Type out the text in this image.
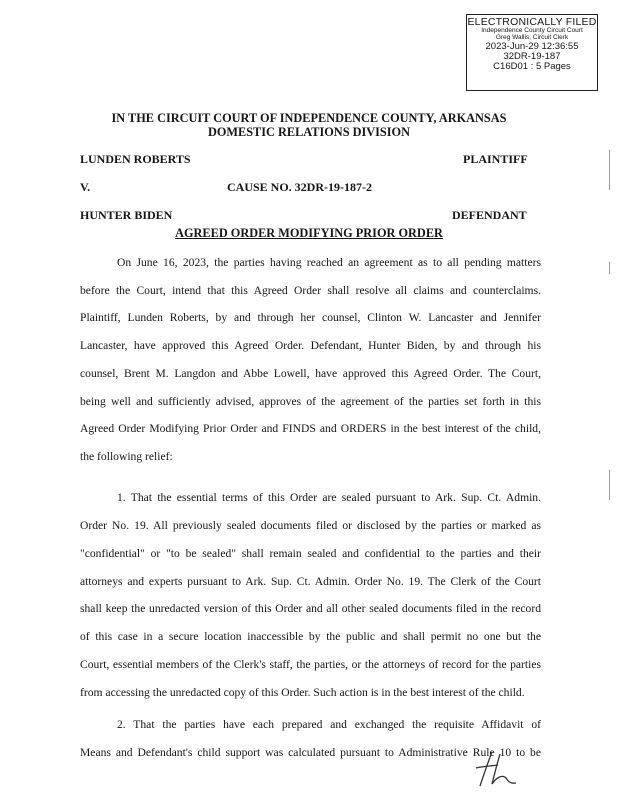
ELECTRONICALLY FILED
Independence County Circuit Court
Greg Wallis, Circuit Clerk
2023-Jun-29 12:36:55
32DR-19-187
C16D01 : 5 Pages
IN THE CIRCUIT COURT OF INDEPENDENCE COUNTY, ARKANSAS
DOMESTIC RELATIONS DIVISION
LUNDEN ROBERTS	PLAINTIFF
V.	CAUSE NO. 32DR-19-187-2
HUNTER BIDEN	DEFENDANT
AGREED ORDER MODIFYING PRIOR ORDER
On June 16, 2023, the parties having reached an agreement as to all pending matters
before the Court, intend that this Agreed Order shall resolve all claims and counterclaims.
Plaintiff, Lunden Roberts, by and through her counsel, Clinton W. Lancaster and Jennifer
Lancaster, have approved this Agreed Order. Defendant, Hunter Biden, by and through his
counsel, Brent M. Langdon and Abbe Lowell, have approved this Agreed Order. The Court,
being well and sufficiently advised, approves of the agreement of the parties set forth in this
Agreed Order Modifying Prior Order and FINDS and ORDERS in the best interest of the child,
the following relief:
1. That the essential terms of this Order are sealed pursuant to Ark. Sup. Ct. Admin.
Order No. 19. All previously sealed documents filed or disclosed by the parties or marked as
"confidential" or "to be sealed" shall remain sealed and confidential to the parties and their
attorneys and experts pursuant to Ark. Sup. Ct. Admin. Order No. 19. The Clerk of the Court
shall keep the unredacted version of this Order and all other sealed documents filed in the record
of this case in a secure location inaccessible by the public and shall permit no one but the
Court, essential members of the Clerk's staff, the parties, or the attorneys of record for the parties
from accessing the unredacted copy of this Order. Such action is in the best interest of the child.
2. That the parties have each prepared and exchanged the requisite Affidavit of
Means and Defendant's child support was calculated pursuant to Administrative Rule 10 to be
